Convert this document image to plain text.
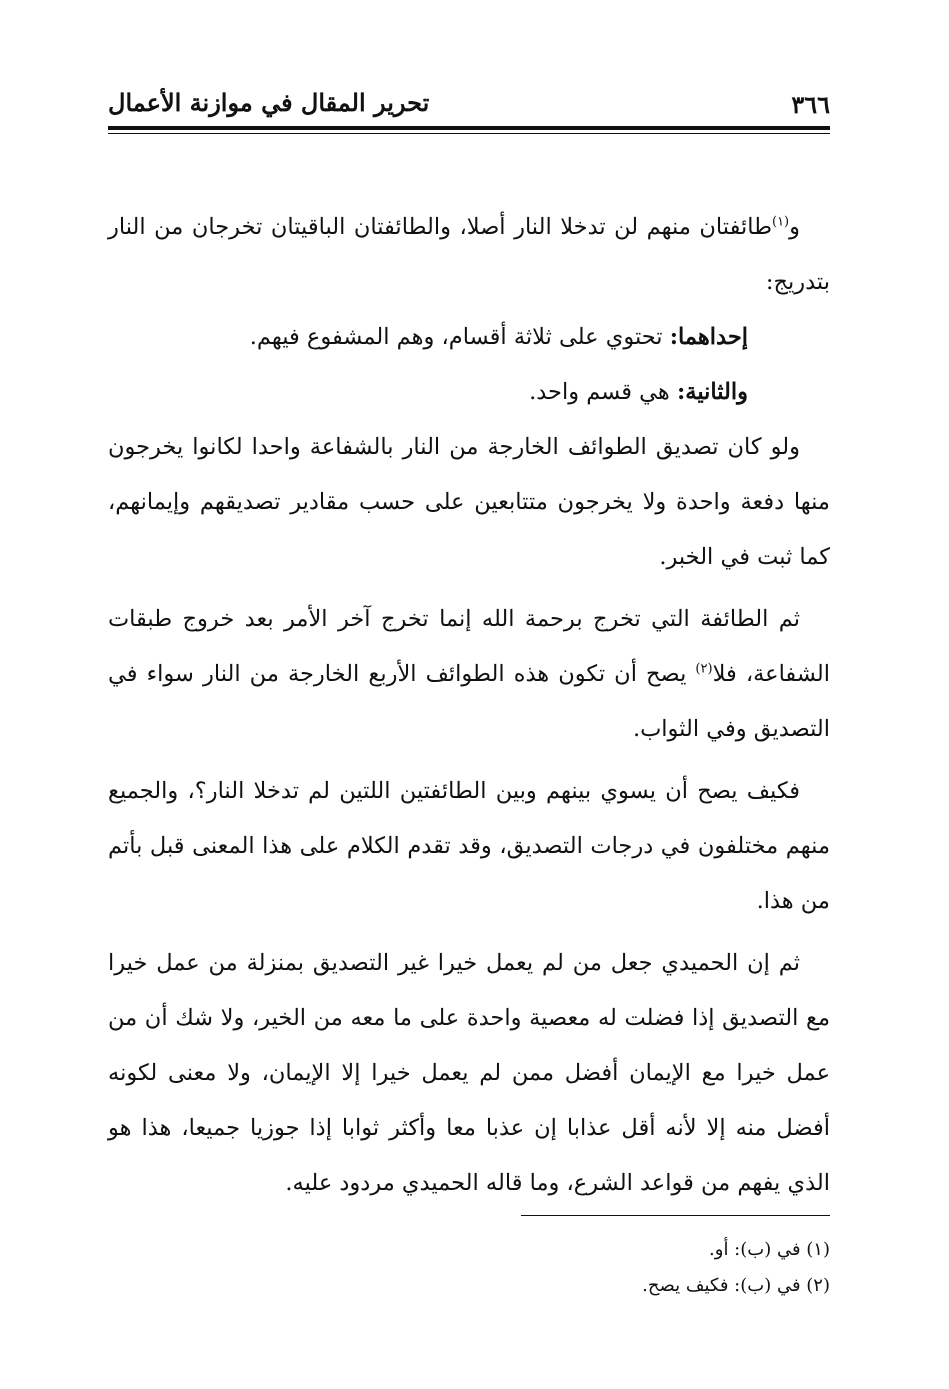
٣٦٦
تحرير المقال في موازنة الأعمال

و$^{(١)}$طائفتان منهم لن تدخلا النار أصلا، والطائفتان الباقيتان تخرجان من النار بتدريج:

إحداهما: تحتوي على ثلاثة أقسام، وهم المشفوع فيهم.

والثانية: هي قسم واحد.

ولو كان تصديق الطوائف الخارجة من النار بالشفاعة واحدا لكانوا يخرجون منها دفعة واحدة ولا يخرجون متتابعين على حسب مقادير تصديقهم وإيمانهم، كما ثبت في الخبر.

ثم الطائفة التي تخرج برحمة الله إنما تخرج آخر الأمر بعد خروج طبقات الشفاعة، فلا$^{(٢)}$ يصح أن تكون هذه الطوائف الأربع الخارجة من النار سواء في التصديق وفي الثواب.

فكيف يصح أن يسوي بينهم وبين الطائفتين اللتين لم تدخلا النار؟، والجميع منهم مختلفون في درجات التصديق، وقد تقدم الكلام على هذا المعنى قبل بأتم من هذا.

ثم إن الحميدي جعل من لم يعمل خيرا غير التصديق بمنزلة من عمل خيرا مع التصديق إذا فضلت له معصية واحدة على ما معه من الخير، ولا شك أن من عمل خيرا مع الإيمان أفضل ممن لم يعمل خيرا إلا الإيمان، ولا معنى لكونه أفضل منه إلا لأنه أقل عذابا إن عذبا معا وأكثر ثوابا إذا جوزيا جميعا، هذا هو الذي يفهم من قواعد الشرع، وما قاله الحميدي مردود عليه.

(١) في (ب): أو.
(٢) في (ب): فكيف يصح.
